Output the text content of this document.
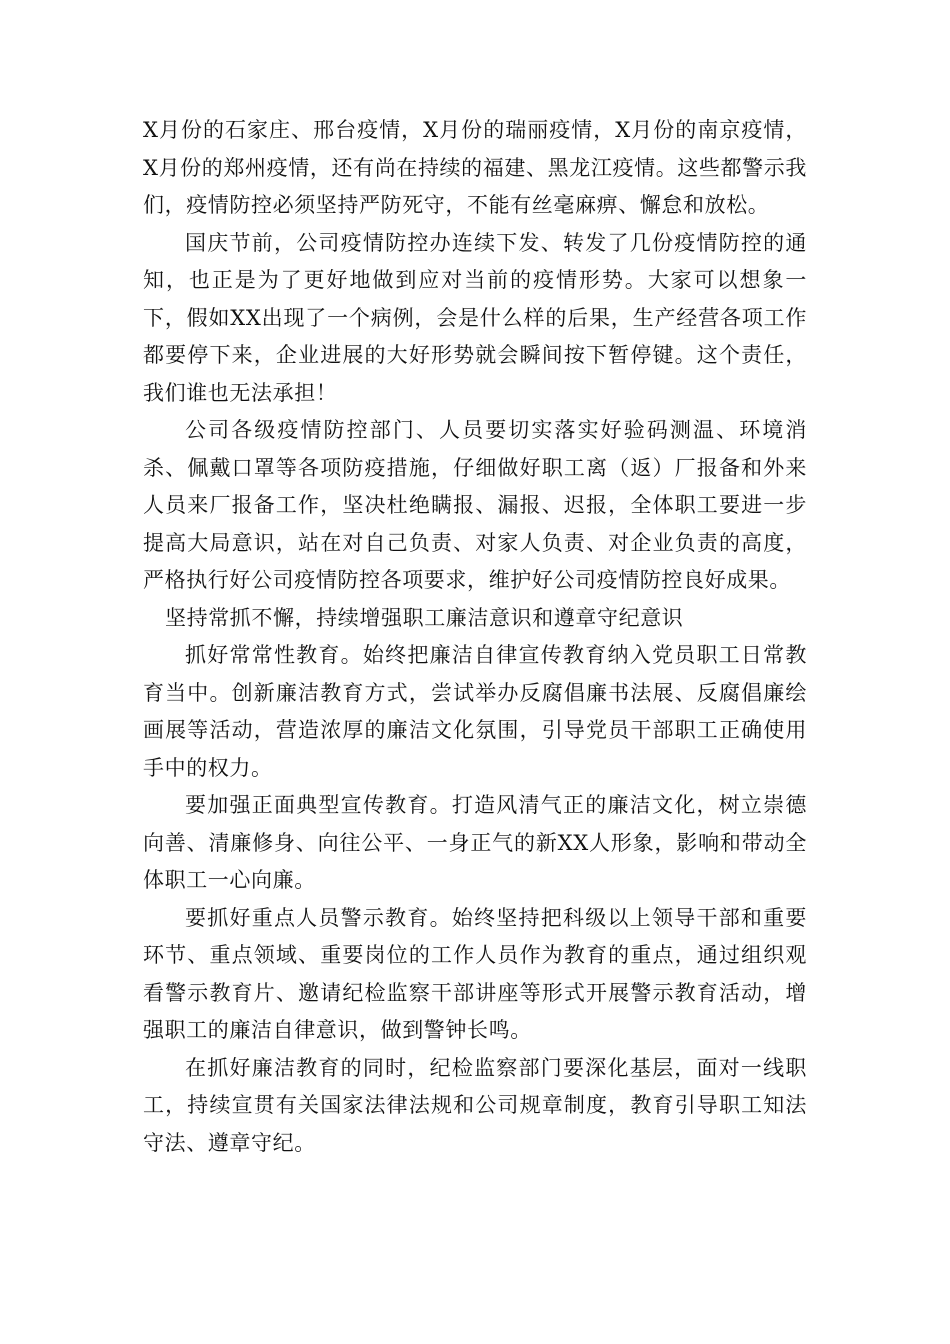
X月份的石家庄、邢台疫情，X月份的瑞丽疫情，X月份的南京疫情，X月份的郑州疫情，还有尚在持续的福建、黑龙江疫情。这些都警示我们，疫情防控必须坚持严防死守，不能有丝毫麻痹、懈怠和放松。

国庆节前，公司疫情防控办连续下发、转发了几份疫情防控的通知，也正是为了更好地做到应对当前的疫情形势。大家可以想象一下，假如XX出现了一个病例，会是什么样的后果，生产经营各项工作都要停下来，企业进展的大好形势就会瞬间按下暂停键。这个责任，我们谁也无法承担！

公司各级疫情防控部门、人员要切实落实好验码测温、环境消杀、佩戴口罩等各项防疫措施，仔细做好职工离（返）厂报备和外来人员来厂报备工作，坚决杜绝瞒报、漏报、迟报，全体职工要进一步提高大局意识，站在对自己负责、对家人负责、对企业负责的高度，严格执行好公司疫情防控各项要求，维护好公司疫情防控良好成果。

坚持常抓不懈，持续增强职工廉洁意识和遵章守纪意识

抓好常常性教育。始终把廉洁自律宣传教育纳入党员职工日常教育当中。创新廉洁教育方式，尝试举办反腐倡廉书法展、反腐倡廉绘画展等活动，营造浓厚的廉洁文化氛围，引导党员干部职工正确使用手中的权力。

要加强正面典型宣传教育。打造风清气正的廉洁文化，树立崇德向善、清廉修身、向往公平、一身正气的新XX人形象，影响和带动全体职工一心向廉。

要抓好重点人员警示教育。始终坚持把科级以上领导干部和重要环节、重点领域、重要岗位的工作人员作为教育的重点，通过组织观看警示教育片、邀请纪检监察干部讲座等形式开展警示教育活动，增强职工的廉洁自律意识，做到警钟长鸣。

在抓好廉洁教育的同时，纪检监察部门要深化基层，面对一线职工，持续宣贯有关国家法律法规和公司规章制度，教育引导职工知法守法、遵章守纪。
